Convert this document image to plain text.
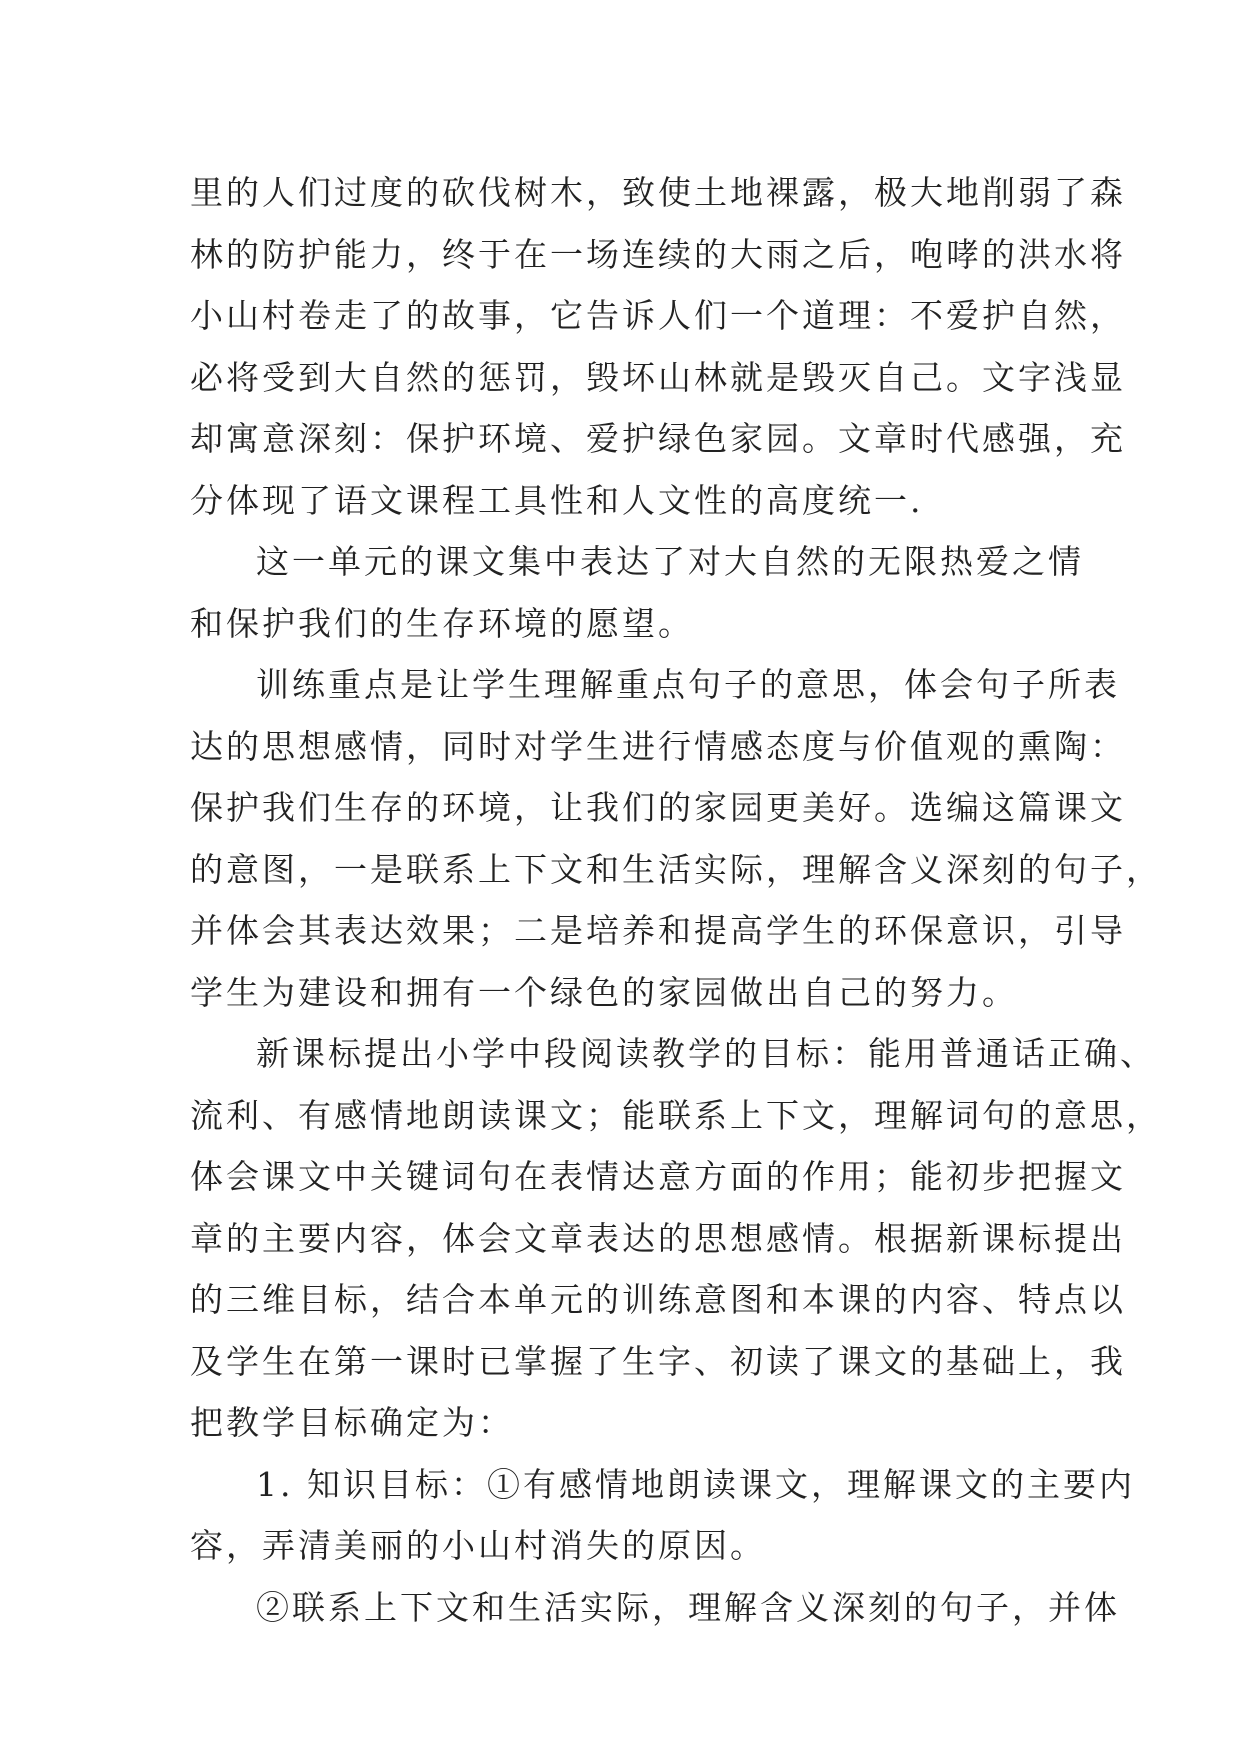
里的人们过度的砍伐树木，致使土地裸露，极大地削弱了森
林的防护能力，终于在一场连续的大雨之后，咆哮的洪水将
小山村卷走了的故事，它告诉人们一个道理：不爱护自然，
必将受到大自然的惩罚，毁坏山林就是毁灭自己。文字浅显
却寓意深刻：保护环境、爱护绿色家园。文章时代感强，充
分体现了语文课程工具性和人文性的高度统一.
这一单元的课文集中表达了对大自然的无限热爱之情
和保护我们的生存环境的愿望。
训练重点是让学生理解重点句子的意思，体会句子所表
达的思想感情，同时对学生进行情感态度与价值观的熏陶：
保护我们生存的环境，让我们的家园更美好。选编这篇课文
的意图，一是联系上下文和生活实际，理解含义深刻的句子，
并体会其表达效果；二是培养和提高学生的环保意识，引导
学生为建设和拥有一个绿色的家园做出自己的努力。
新课标提出小学中段阅读教学的目标：能用普通话正确、
流利、有感情地朗读课文；能联系上下文，理解词句的意思，
体会课文中关键词句在表情达意方面的作用；能初步把握文
章的主要内容，体会文章表达的思想感情。根据新课标提出
的三维目标，结合本单元的训练意图和本课的内容、特点以
及学生在第一课时已掌握了生字、初读了课文的基础上，我
把教学目标确定为：
1. 知识目标：①有感情地朗读课文，理解课文的主要内
容，弄清美丽的小山村消失的原因。
②联系上下文和生活实际，理解含义深刻的句子，并体
